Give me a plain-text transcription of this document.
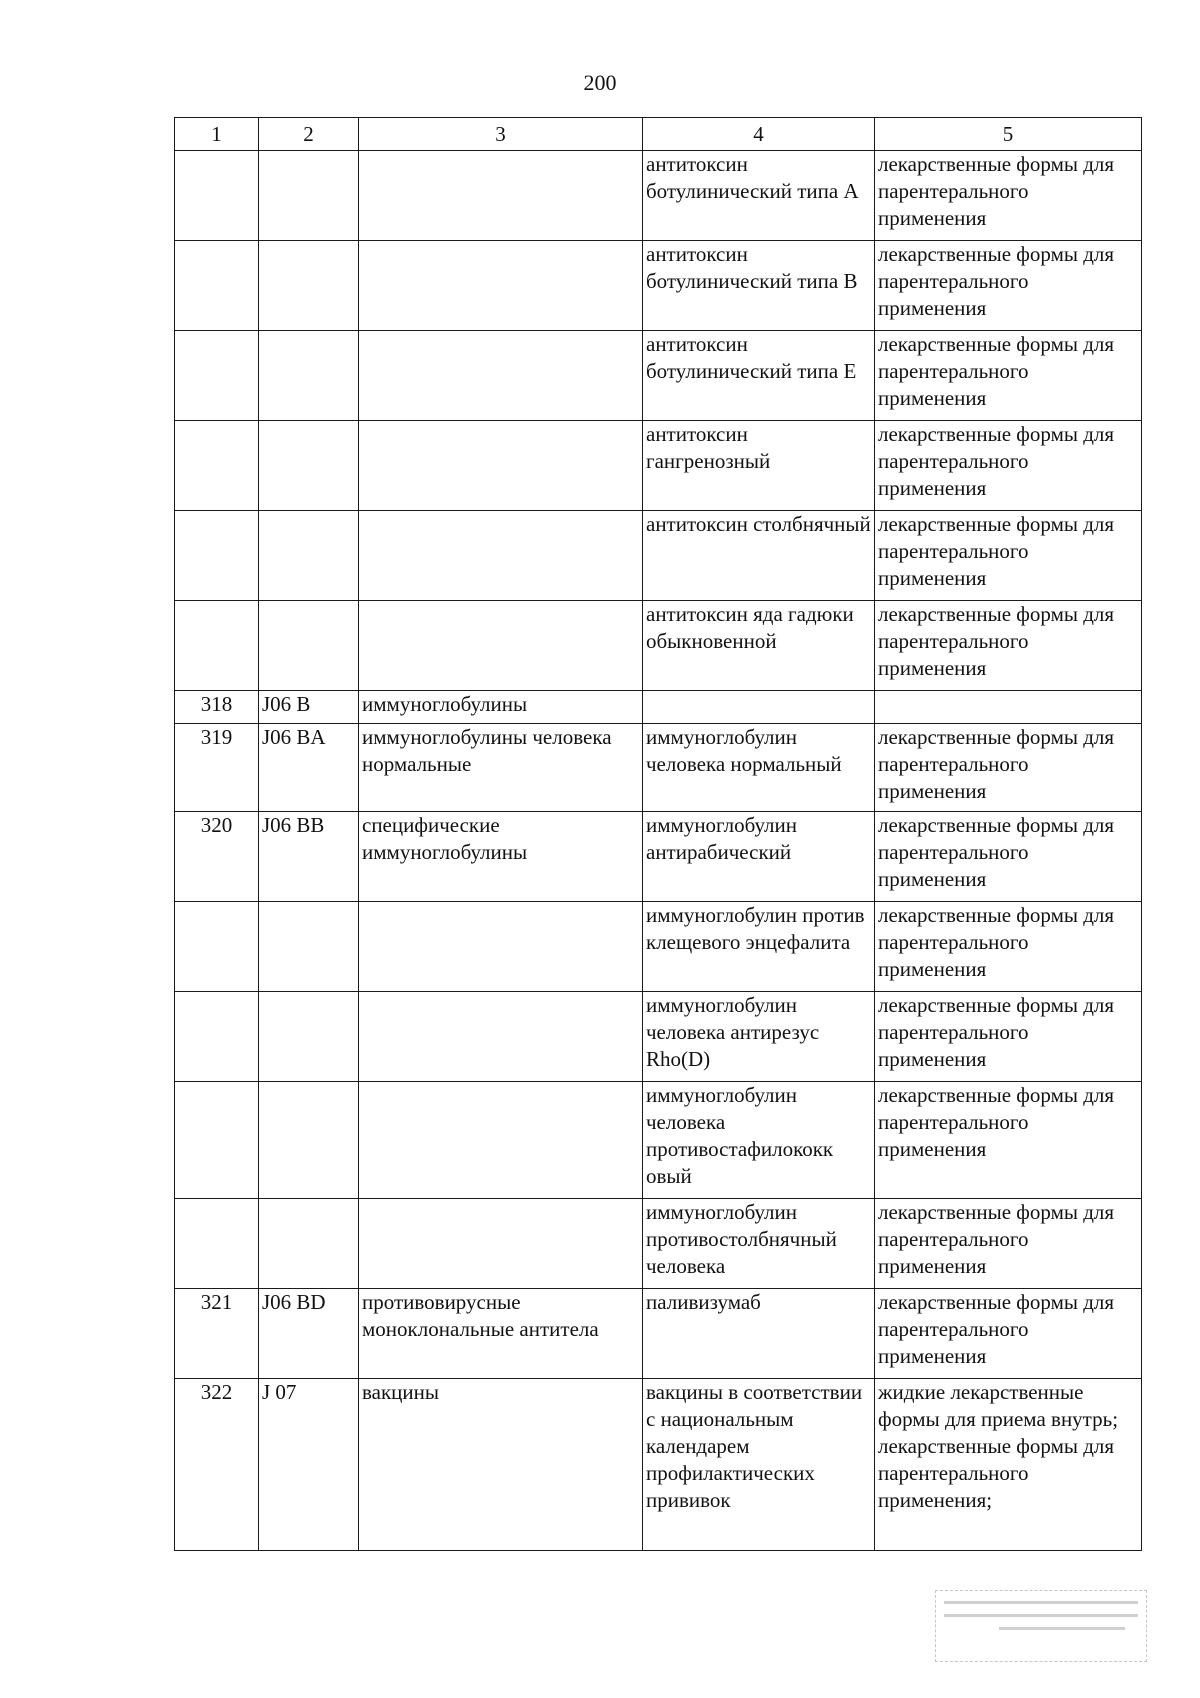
200
1	2	3	4	5
			антитоксин ботулинический типа А	лекарственные формы для парентерального применения
			антитоксин ботулинический типа В	лекарственные формы для парентерального применения
			антитоксин ботулинический типа Е	лекарственные формы для парентерального применения
			антитоксин гангренозный	лекарственные формы для парентерального применения
			антитоксин столбнячный	лекарственные формы для парентерального применения
			антитоксин яда гадюки обыкновенной	лекарственные формы для парентерального применения
318	J06 B	иммуноглобулины		
319	J06 BA	иммуноглобулины человека нормальные	иммуноглобулин человека нормальный	лекарственные формы для парентерального применения
320	J06 BB	специфические иммуноглобулины	иммуноглобулин антирабический	лекарственные формы для парентерального применения
			иммуноглобулин против клещевого энцефалита	лекарственные формы для парентерального применения
			иммуноглобулин человека антирезус Rho(D)	лекарственные формы для парентерального применения
			иммуноглобулин человека противостафилококк овый	лекарственные формы для парентерального применения
			иммуноглобулин противостолбнячный человека	лекарственные формы для парентерального применения
321	J06 BD	противовирусные моноклональные антитела	паливизумаб	лекарственные формы для парентерального применения
322	J 07	вакцины	вакцины в соответствии с национальным календарем профилактических прививок	жидкие лекарственные формы для приема внутрь;
лекарственные формы для парентерального применения;
